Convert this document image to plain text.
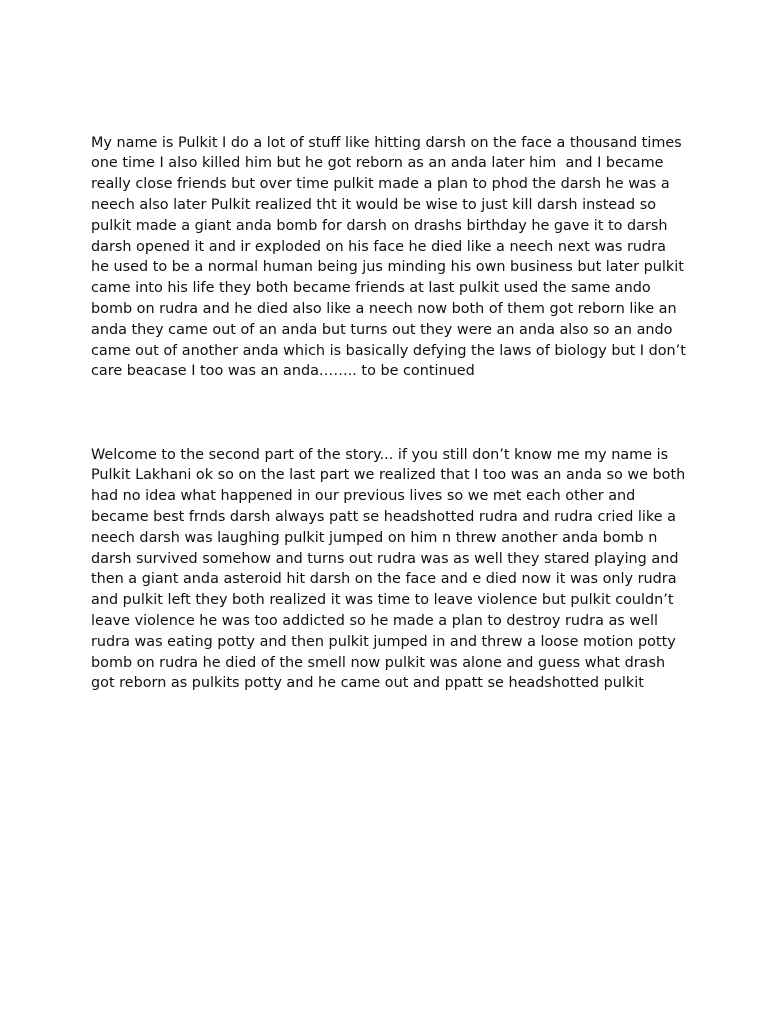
My name is Pulkit I do a lot of stuff like hitting darsh on the face a thousand times one time I also killed him but he got reborn as an anda later him  and I became really close friends but over time pulkit made a plan to phod the darsh he was a neech also later Pulkit realized tht it would be wise to just kill darsh instead so  pulkit made a giant anda bomb for darsh on drashs birthday he gave it to darsh darsh opened it and ir exploded on his face he died like a neech next was rudra he used to be a normal human being jus minding his own business but later pulkit came into his life they both became friends at last pulkit used the same ando bomb on rudra and he died also like a neech now both of them got reborn like an anda they came out of an anda but turns out they were an anda also so an ando came out of another anda which is basically defying the laws of biology but I don’t care beacase I too was an anda…….. to be continued

Welcome to the second part of the story... if you still don’t know me my name is Pulkit Lakhani ok so on the last part we realized that I too was an anda so we both had no idea what happened in our previous lives so we met each other and became best frnds darsh always patt se headshotted rudra and rudra cried like a neech darsh was laughing pulkit jumped on him n threw another anda bomb n darsh survived somehow and turns out rudra was as well they stared playing and then a giant anda asteroid hit darsh on the face and e died now it was only rudra and pulkit left they both realized it was time to leave violence but pulkit couldn’t leave violence he was too addicted so he made a plan to destroy rudra as well rudra was eating potty and then pulkit jumped in and threw a loose motion potty bomb on rudra he died of the smell now pulkit was alone and guess what drash got reborn as pulkits potty and he came out and ppatt se headshotted pulkit
